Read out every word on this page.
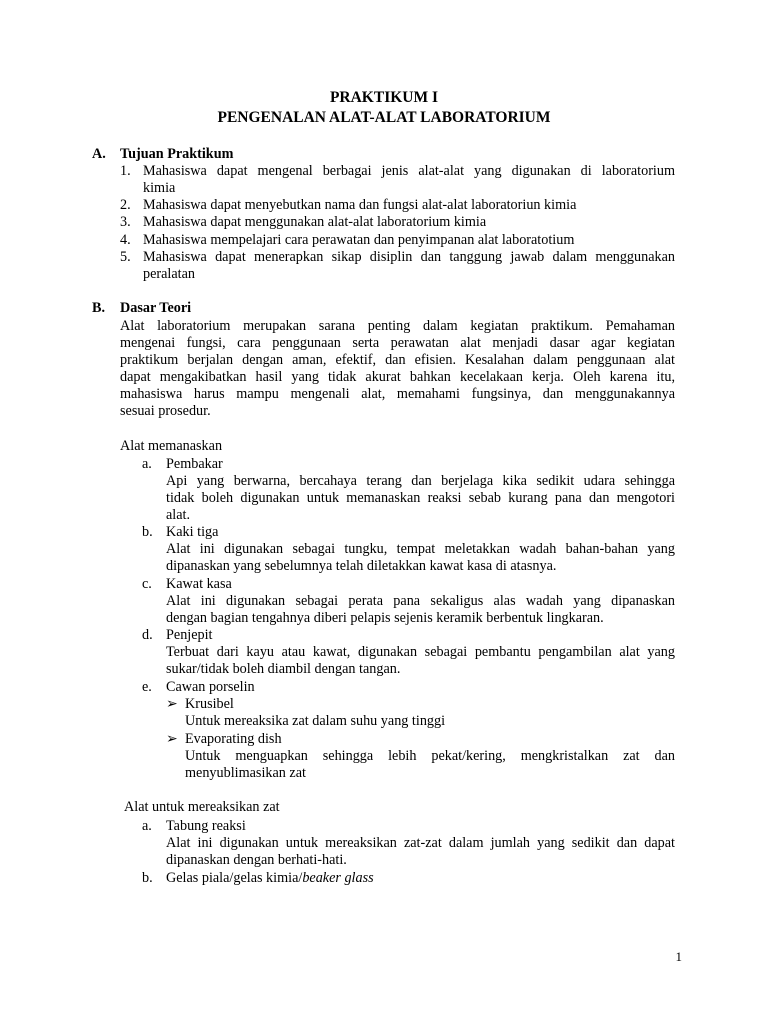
PRAKTIKUM I
PENGENALAN ALAT-ALAT LABORATORIUM
A. Tujuan Praktikum
1. Mahasiswa dapat mengenal berbagai jenis alat-alat yang digunakan di laboratorium
kimia
2. Mahasiswa dapat menyebutkan nama dan fungsi alat-alat laboratoriun kimia
3. Mahasiswa dapat menggunakan alat-alat laboratorium kimia
4. Mahasiswa mempelajari cara perawatan dan penyimpanan alat laboratotium
5. Mahasiswa dapat menerapkan sikap disiplin dan tanggung jawab dalam menggunakan
peralatan
B. Dasar Teori
Alat laboratorium merupakan sarana penting dalam kegiatan praktikum. Pemahaman
mengenai fungsi, cara penggunaan serta perawatan alat menjadi dasar agar kegiatan
praktikum berjalan dengan aman, efektif, dan efisien. Kesalahan dalam penggunaan alat
dapat mengakibatkan hasil yang tidak akurat bahkan kecelakaan kerja. Oleh karena itu,
mahasiswa harus mampu mengenali alat, memahami fungsinya, dan menggunakannya
sesuai prosedur.
Alat memanaskan
a. Pembakar
Api yang berwarna, bercahaya terang dan berjelaga kika sedikit udara sehingga
tidak boleh digunakan untuk memanaskan reaksi sebab kurang pana dan mengotori
alat.
b. Kaki tiga
Alat ini digunakan sebagai tungku, tempat meletakkan wadah bahan-bahan yang
dipanaskan yang sebelumnya telah diletakkan kawat kasa di atasnya.
c. Kawat kasa
Alat ini digunakan sebagai perata pana sekaligus alas wadah yang dipanaskan
dengan bagian tengahnya diberi pelapis sejenis keramik berbentuk lingkaran.
d. Penjepit
Terbuat dari kayu atau kawat, digunakan sebagai pembantu pengambilan alat yang
sukar/tidak boleh diambil dengan tangan.
e. Cawan porselin
➢ Krusibel
Untuk mereaksika zat dalam suhu yang tinggi
➢ Evaporating dish
Untuk menguapkan sehingga lebih pekat/kering, mengkristalkan zat dan
menyublimasikan zat
Alat untuk mereaksikan zat
a. Tabung reaksi
Alat ini digunakan untuk mereaksikan zat-zat dalam jumlah yang sedikit dan dapat
dipanaskan dengan berhati-hati.
b. Gelas piala/gelas kimia/beaker glass
1
